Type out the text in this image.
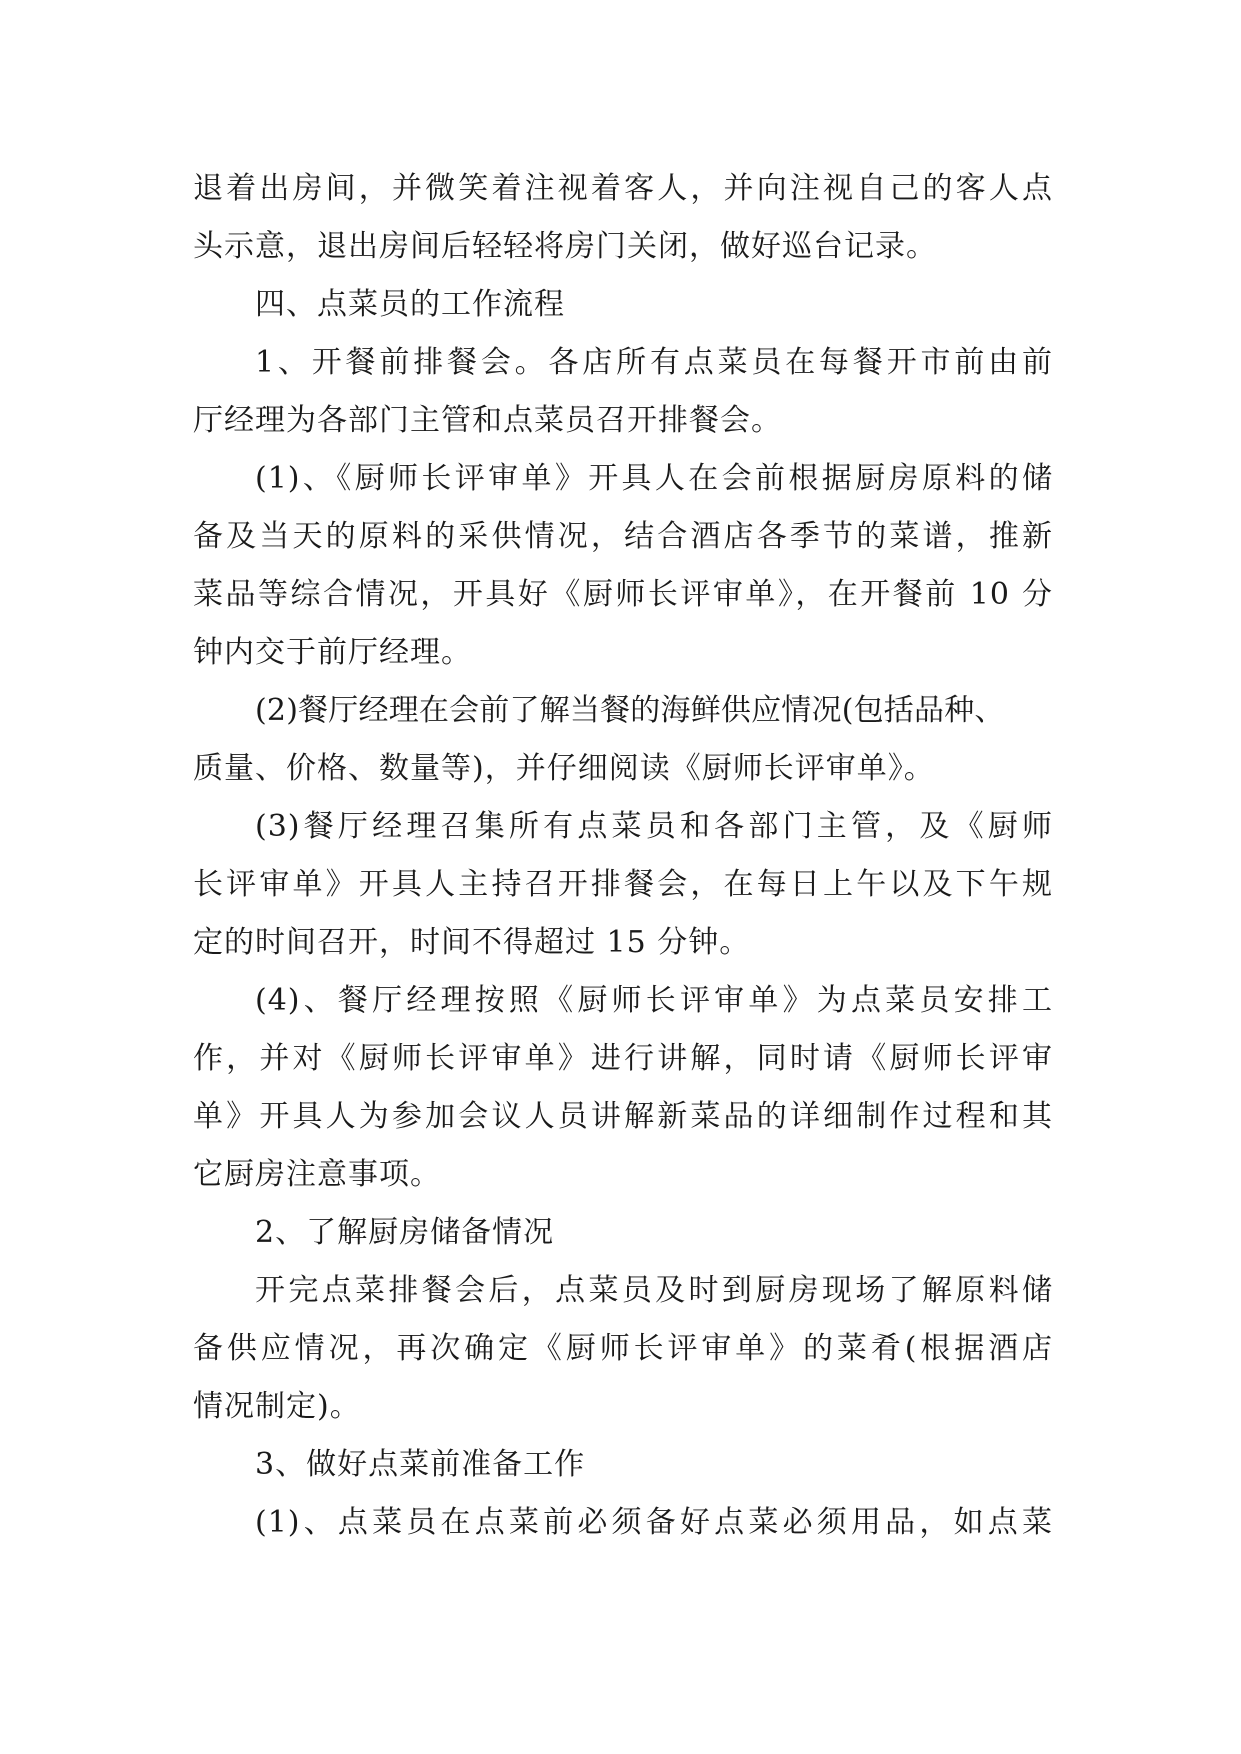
退着出房间，并微笑着注视着客人，并向注视自己的客人点
头示意，退出房间后轻轻将房门关闭，做好巡台记录。
四、点菜员的工作流程
1、开餐前排餐会。各店所有点菜员在每餐开市前由前
厅经理为各部门主管和点菜员召开排餐会。
(1)、《厨师长评审单》开具人在会前根据厨房原料的储
备及当天的原料的采供情况，结合酒店各季节的菜谱，推新
菜品等综合情况，开具好《厨师长评审单》，在开餐前 10 分
钟内交于前厅经理。
(2)餐厅经理在会前了解当餐的海鲜供应情况(包括品种、
质量、价格、数量等)，并仔细阅读《厨师长评审单》。
(3)餐厅经理召集所有点菜员和各部门主管，及《厨师
长评审单》开具人主持召开排餐会，在每日上午以及下午规
定的时间召开，时间不得超过 15 分钟。
(4)、餐厅经理按照《厨师长评审单》为点菜员安排工
作，并对《厨师长评审单》进行讲解，同时请《厨师长评审
单》开具人为参加会议人员讲解新菜品的详细制作过程和其
它厨房注意事项。
2、了解厨房储备情况
开完点菜排餐会后，点菜员及时到厨房现场了解原料储
备供应情况，再次确定《厨师长评审单》的菜肴(根据酒店
情况制定)。
3、做好点菜前准备工作
(1)、点菜员在点菜前必须备好点菜必须用品，如点菜
